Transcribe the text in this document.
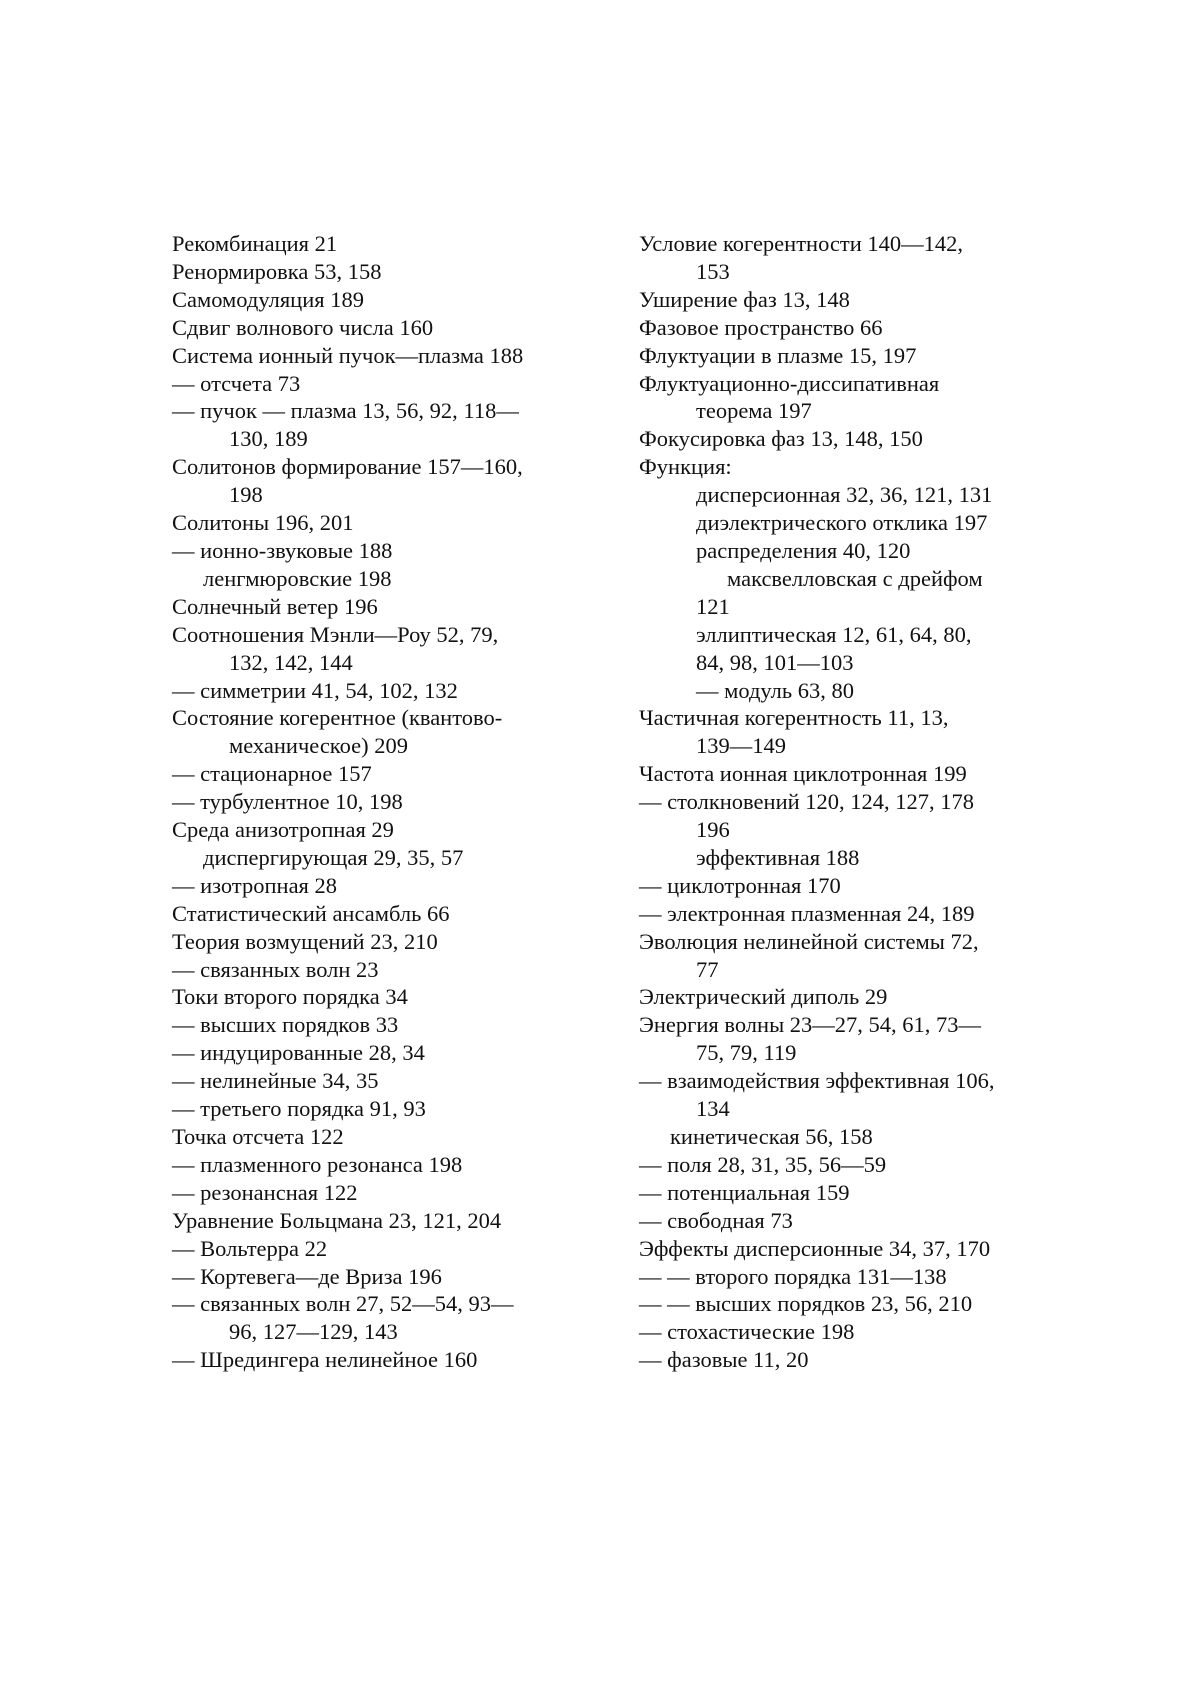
Рекомбинация 21
Ренормировка 53, 158
Самомодуляция 189
Сдвиг волнового числа 160
Система ионный пучок—плазма 188
— отсчета 73
— пучок — плазма 13, 56, 92, 118—
130, 189
Солитонов формирование 157—160,
198
Солитоны 196, 201
— ионно-звуковые 188
ленгмюровские 198
Солнечный ветер 196
Соотношения Мэнли—Роу 52, 79,
132, 142, 144
— симметрии 41, 54, 102, 132
Состояние когерентное (квантово-
механическое) 209
— стационарное 157
— турбулентное 10, 198
Среда анизотропная 29
диспергирующая 29, 35, 57
— изотропная 28
Статистический ансамбль 66
Теория возмущений 23, 210
— связанных волн 23
Токи второго порядка 34
— высших порядков 33
— индуцированные 28, 34
— нелинейные 34, 35
— третьего порядка 91, 93
Точка отсчета 122
— плазменного резонанса 198
— резонансная 122
Уравнение Больцмана 23, 121, 204
— Вольтерра 22
— Кортевега—де Вриза 196
— связанных волн 27, 52—54, 93—
96, 127—129, 143
— Шредингера нелинейное 160
Условие когерентности 140—142,
153
Уширение фаз 13, 148
Фазовое пространство 66
Флуктуации в плазме 15, 197
Флуктуационно-диссипативная
теорема 197
Фокусировка фаз 13, 148, 150
Функция:
дисперсионная 32, 36, 121, 131
диэлектрического отклика 197
распределения 40, 120
максвелловская с дрейфом
121
эллиптическая 12, 61, 64, 80,
84, 98, 101—103
— модуль 63, 80
Частичная когерентность 11, 13,
139—149
Частота ионная циклотронная 199
— столкновений 120, 124, 127, 178
196
эффективная 188
— циклотронная 170
— электронная плазменная 24, 189
Эволюция нелинейной системы 72,
77
Электрический диполь 29
Энергия волны 23—27, 54, 61, 73—
75, 79, 119
— взаимодействия эффективная 106,
134
кинетическая 56, 158
— поля 28, 31, 35, 56—59
— потенциальная 159
— свободная 73
Эффекты дисперсионные 34, 37, 170
— — второго порядка 131—138
— — высших порядков 23, 56, 210
— стохастические 198
— фазовые 11, 20
